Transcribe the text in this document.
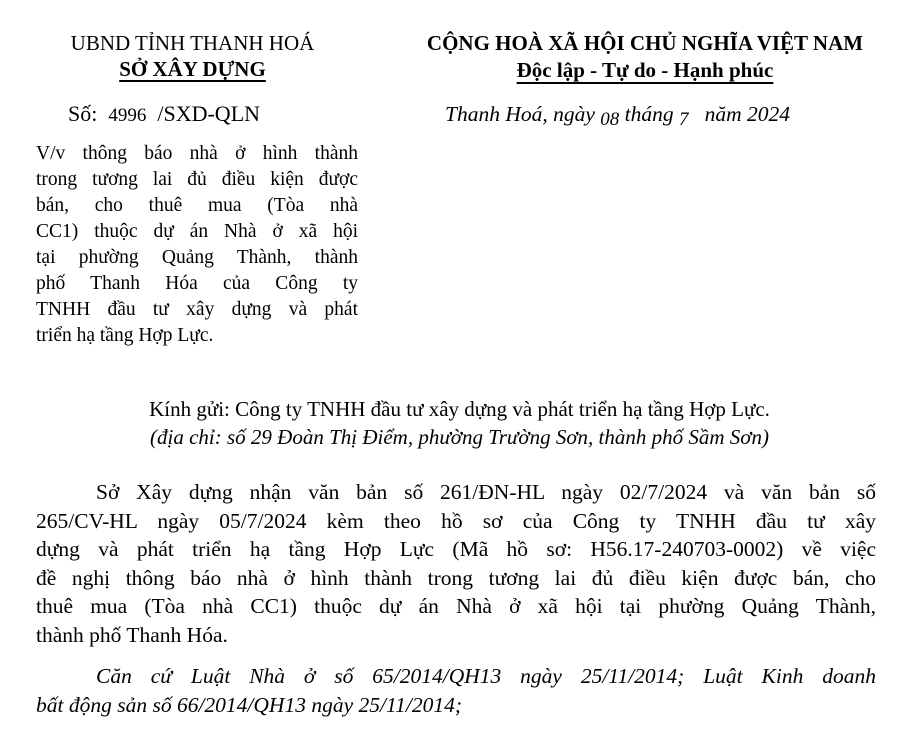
UBND TỈNH THANH HOÁ
SỞ XÂY DỰNG
Số: 4996 /SXD-QLN
V/v thông báo nhà ở hình thành
trong tương lai đủ điều kiện được
bán, cho thuê mua (Tòa nhà
CC1) thuộc dự án Nhà ở xã hội
tại phường Quảng Thành, thành
phố Thanh Hóa của Công ty
TNHH đầu tư xây dựng và phát
triển hạ tầng Hợp Lực.
CỘNG HOÀ XÃ HỘI CHỦ NGHĨA VIỆT NAM
Độc lập - Tự do - Hạnh phúc
Thanh Hoá, ngày 08 tháng 7 năm 2024
Kính gửi: Công ty TNHH đầu tư xây dựng và phát triển hạ tầng Hợp Lực.
(địa chỉ: số 29 Đoàn Thị Điểm, phường Trường Sơn, thành phố Sầm Sơn)
Sở Xây dựng nhận văn bản số 261/ĐN-HL ngày 02/7/2024 và văn bản số
265/CV-HL ngày 05/7/2024 kèm theo hồ sơ của Công ty TNHH đầu tư xây
dựng và phát triển hạ tầng Hợp Lực (Mã hồ sơ: H56.17-240703-0002) về việc
đề nghị thông báo nhà ở hình thành trong tương lai đủ điều kiện được bán, cho
thuê mua (Tòa nhà CC1) thuộc dự án Nhà ở xã hội tại phường Quảng Thành,
thành phố Thanh Hóa.
Căn cứ Luật Nhà ở số 65/2014/QH13 ngày 25/11/2014; Luật Kinh doanh
bất động sản số 66/2014/QH13 ngày 25/11/2014;
